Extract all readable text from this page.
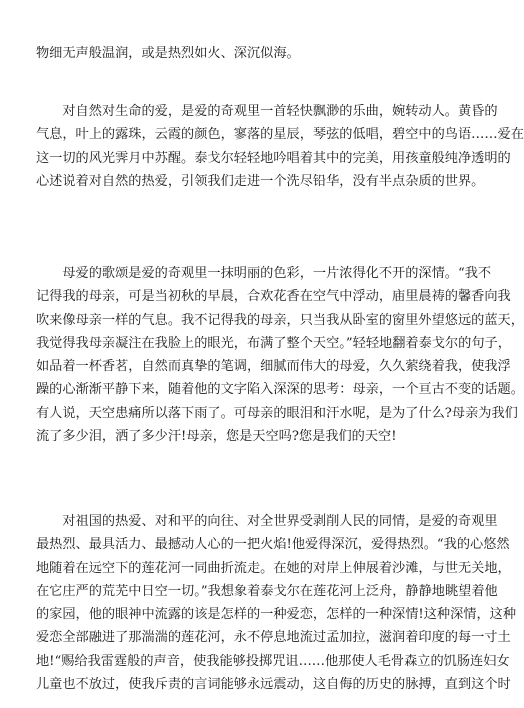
物细无声般温润，或是热烈如火、深沉似海。

　　对自然对生命的爱，是爱的奇观里一首轻快飘渺的乐曲，婉转动人。黄昏的
气息，叶上的露珠，云霞的颜色，寥落的星辰，琴弦的低唱，碧空中的鸟语……爱在
这一切的风光霁月中苏醒。泰戈尔轻轻地吟唱着其中的完美，用孩童般纯净透明的
心述说着对自然的热爱，引领我们走进一个洗尽铅华，没有半点杂质的世界。

　　母爱的歌颂是爱的奇观里一抹明丽的色彩，一片浓得化不开的深情。“我不
记得我的母亲，可是当初秋的早晨，合欢花香在空气中浮动，庙里晨祷的馨香向我
吹来像母亲一样的气息。我不记得我的母亲，只当我从卧室的窗里外望悠远的蓝天，
我觉得我母亲凝注在我脸上的眼光，布满了整个天空。”轻轻地翻着泰戈尔的句子，
如品着一杯香茗，自然而真挚的笔调，细腻而伟大的母爱，久久萦绕着我，使我浮
躁的心渐渐平静下来，随着他的文字陷入深深的思考：母亲，一个亘古不变的话题。
有人说，天空患痛所以落下雨了。可母亲的眼泪和汗水呢，是为了什么?母亲为我们
流了多少泪，洒了多少汗!母亲，您是天空吗?您是我们的天空!

　　对祖国的热爱、对和平的向往、对全世界受剥削人民的同情，是爱的奇观里
最热烈、最具活力、最撼动人心的一把火焰!他爱得深沉，爱得热烈。“我的心悠然
地随着在远空下的莲花河一同曲折流走。在她的对岸上伸展着沙滩，与世无关地，
在它庄严的荒芜中日空一切。”我想象着泰戈尔在莲花河上泛舟，静静地眺望着他
的家园，他的眼神中流露的该是怎样的一种爱恋，怎样的一种深情!这种深情，这种
爱恋全部融进了那湍湍的莲花河，永不停息地流过孟加拉，滋润着印度的每一寸土
地!“赐给我雷霆般的声音，使我能够投掷咒诅……他那使人毛骨森立的饥肠连妇女
儿童也不放过，使我斥责的言词能够永远震动，这自侮的历史的脉搏，直到这个时
